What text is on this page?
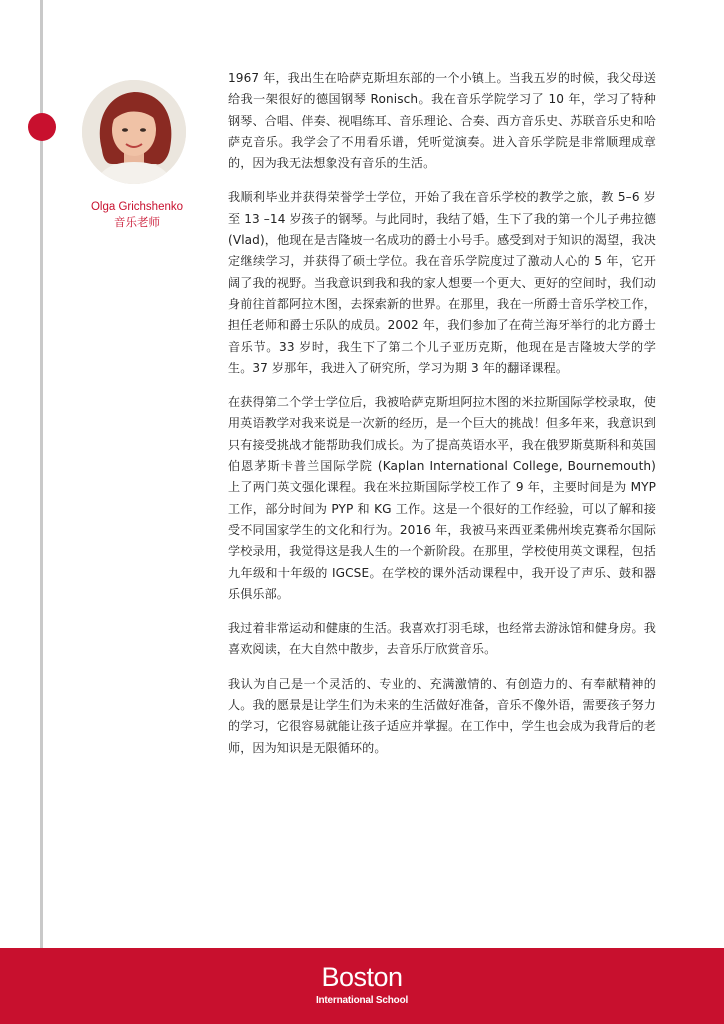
Olga Grichshenko
音乐老师

1967 年，我出生在哈萨克斯坦东部的一个小镇上。当我五岁的时候，我父母送给我一架很好的德国钢琴 Ronisch。我在音乐学院学习了 10 年，学习了特种钢琴、合唱、伴奏、视唱练耳、音乐理论、合奏、西方音乐史、苏联音乐史和哈萨克音乐。我学会了不用看乐谱，凭听觉演奏。进入音乐学院是非常顺理成章的，因为我无法想象没有音乐的生活。

我顺利毕业并获得荣誉学士学位，开始了我在音乐学校的教学之旅，教 5–6 岁至 13 –14 岁孩子的钢琴。与此同时，我结了婚，生下了我的第一个儿子弗拉德 (Vlad)，他现在是吉隆坡一名成功的爵士小号手。感受到对于知识的渴望，我决定继续学习，并获得了硕士学位。我在音乐学院度过了激动人心的 5 年，它开阔了我的视野。当我意识到我和我的家人想要一个更大、更好的空间时，我们动身前往首都阿拉木图，去探索新的世界。在那里，我在一所爵士音乐学校工作，担任老师和爵士乐队的成员。2002 年，我们参加了在荷兰海牙举行的北方爵士音乐节。33 岁时，我生下了第二个儿子亚历克斯，他现在是吉隆坡大学的学生。37 岁那年，我进入了研究所，学习为期 3 年的翻译课程。

在获得第二个学士学位后，我被哈萨克斯坦阿拉木图的米拉斯国际学校录取，使用英语教学对我来说是一次新的经历，是一个巨大的挑战！但多年来，我意识到只有接受挑战才能帮助我们成长。为了提高英语水平，我在俄罗斯莫斯科和英国伯恩茅斯卡普兰国际学院 (Kaplan International College, Bournemouth) 上了两门英文强化课程。我在米拉斯国际学校工作了 9 年，主要时间是为 MYP 工作，部分时间为 PYP 和 KG 工作。这是一个很好的工作经验，可以了解和接受不同国家学生的文化和行为。2016 年，我被马来西亚柔佛州埃克赛希尔国际学校录用，我觉得这是我人生的一个新阶段。在那里，学校使用英文课程，包括九年级和十年级的 IGCSE。在学校的课外活动课程中，我开设了声乐、鼓和器乐俱乐部。

我过着非常运动和健康的生活。我喜欢打羽毛球，也经常去游泳馆和健身房。我喜欢阅读，在大自然中散步，去音乐厅欣赏音乐。

我认为自己是一个灵活的、专业的、充满激情的、有创造力的、有奉献精神的人。我的愿景是让学生们为未来的生活做好准备，音乐不像外语，需要孩子努力的学习，它很容易就能让孩子适应并掌握。在工作中，学生也会成为我背后的老师，因为知识是无限循环的。

Boston
International School
